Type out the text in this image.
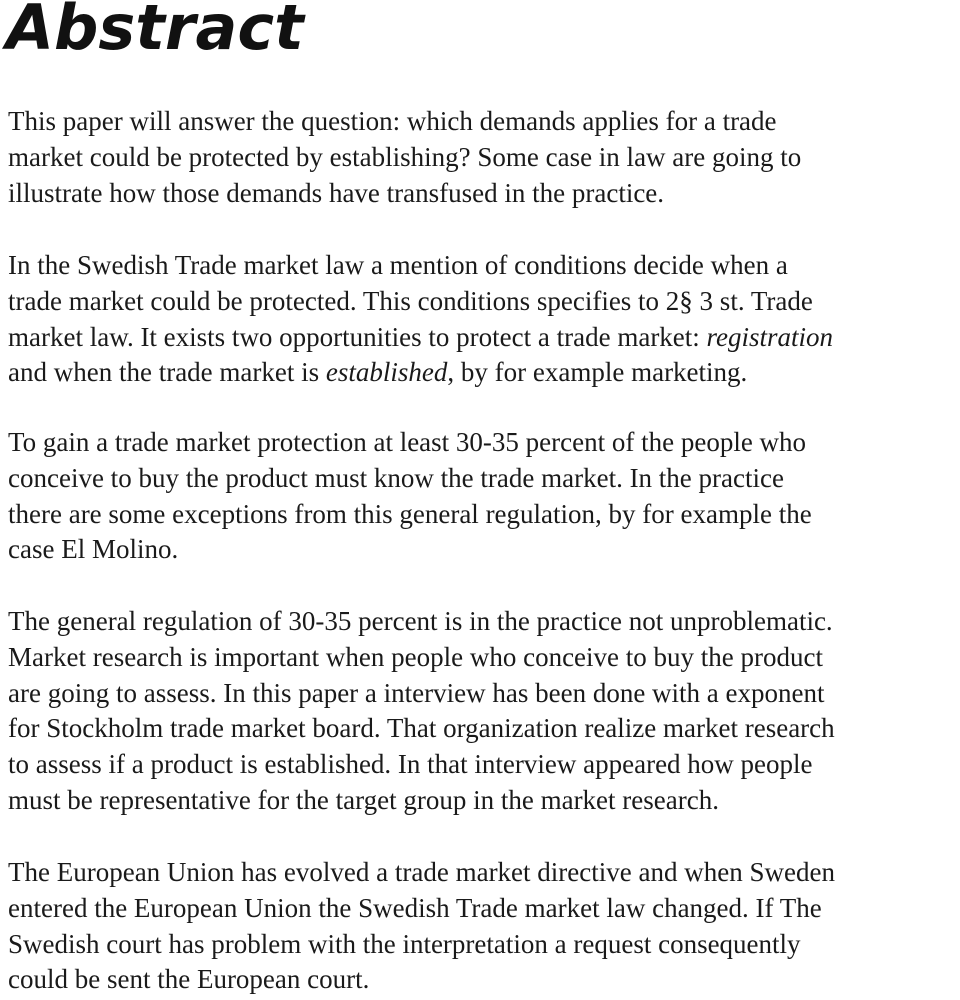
Abstract

This paper will answer the question: which demands applies for a trade
market could be protected by establishing? Some case in law are going to
illustrate how those demands have transfused in the practice.

In the Swedish Trade market law a mention of conditions decide when a
trade market could be protected. This conditions specifies to 2§ 3 st. Trade
market law. It exists two opportunities to protect a trade market: registration
and when the trade market is established, by for example marketing.

To gain a trade market protection at least 30-35 percent of the people who
conceive to buy the product must know the trade market. In the practice
there are some exceptions from this general regulation, by for example the
case El Molino.

The general regulation of 30-35 percent is in the practice not unproblematic.
Market research is important when people who conceive to buy the product
are going to assess. In this paper a interview has been done with a exponent
for Stockholm trade market board. That organization realize market research
to assess if a product is established. In that interview appeared how people
must be representative for the target group in the market research.

The European Union has evolved a trade market directive and when Sweden
entered the European Union the Swedish Trade market law changed. If The
Swedish court has problem with the interpretation a request consequently
could be sent the European court.
